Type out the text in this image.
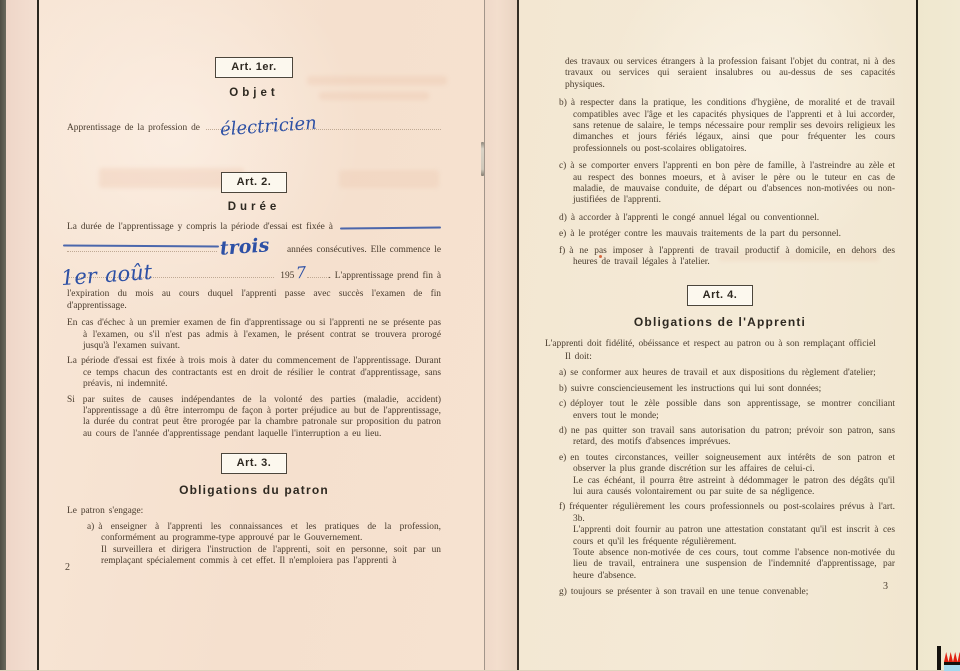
Art. 1er.
Objet
Apprentissage de la profession de électricien
Art. 2.
Durée
La durée de l'apprentissage y compris la période d'essai est fixée à
trois années consécutives. Elle commence le
1er août	195 7 . L'apprentissage prend fin à
l'expiration du mois au cours duquel l'apprenti passe avec succès l'examen de fin d'apprentissage.
En cas d'échec à un premier examen de fin d'apprentissage ou si l'apprenti ne se présente pas à l'examen, ou s'il n'est pas admis à l'examen, le présent contrat se trouvera prorogé jusqu'à l'examen suivant.
La période d'essai est fixée à trois mois à dater du commencement de l'apprentissage. Durant ce temps chacun des contractants est en droit de résilier le contrat d'apprentissage, sans préavis, ni indemnité.
Si par suites de causes indépendantes de la volonté des parties (maladie, accident) l'apprentissage a dû être interrompu de façon à porter préjudice au but de l'apprentissage, la durée du contrat peut être prorogée par la chambre patronale sur proposition du patron au cours de l'année d'apprentissage pendant laquelle l'interruption a eu lieu.
Art. 3.
Obligations du patron
Le patron s'engage:
a) à enseigner à l'apprenti les connaissances et les pratiques de la profession, conformément au programme-type approuvé par le Gouvernement.
Il surveillera et dirigera l'instruction de l'apprenti, soit en personne, soit par un remplaçant spécialement commis à cet effet. Il n'emploiera pas l'apprenti à
2
des travaux ou services étrangers à la profession faisant l'objet du contrat, ni à des travaux ou services qui seraient insalubres ou au-dessus de ses capacités physiques.
b) à respecter dans la pratique, les conditions d'hygiène, de moralité et de travail compatibles avec l'âge et les capacités physiques de l'apprenti et à lui accorder, sans retenue de salaire, le temps nécessaire pour remplir ses devoirs religieux les dimanches et jours fériés légaux, ainsi que pour fréquenter les cours professionnels ou post-scolaires obligatoires.
c) à se comporter envers l'apprenti en bon père de famille, à l'astreindre au zèle et au respect des bonnes moeurs, et à aviser le père ou le tuteur en cas de maladie, de mauvaise conduite, de départ ou d'absences non-motivées ou non-justifiées de l'apprenti.
d) à accorder à l'apprenti le congé annuel légal ou conventionnel.
e) à le protéger contre les mauvais traitements de la part du personnel.
f) à ne pas imposer à l'apprenti de travail productif à domicile, en dehors des heures de travail légales à l'atelier.
Art. 4.
Obligations de l'Apprenti
L'apprenti doit fidélité, obéissance et respect au patron ou à son remplaçant officiel
Il doit:
a) se conformer aux heures de travail et aux dispositions du règlement d'atelier;
b) suivre consciencieusement les instructions qui lui sont données;
c) déployer tout le zèle possible dans son apprentissage, se montrer conciliant envers tout le monde;
d) ne pas quitter son travail sans autorisation du patron; prévoir son patron, sans retard, des motifs d'absences imprévues.
e) en toutes circonstances, veiller soigneusement aux intérêts de son patron et observer la plus grande discrétion sur les affaires de celui-ci.
Le cas échéant, il pourra être astreint à dédommager le patron des dégâts qu'il lui aura causés volontairement ou par suite de sa négligence.
f) fréquenter régulièrement les cours professionnels ou post-scolaires prévus à l'art. 3b.
L'apprenti doit fournir au patron une attestation constatant qu'il est inscrit à ces cours et qu'il les fréquente régulièrement.
Toute absence non-motivée de ces cours, tout comme l'absence non-motivée du lieu de travail, entrainera une suspension de l'indemnité d'apprentissage, par heure d'absence.
g) toujours se présenter à son travail en une tenue convenable;
3
